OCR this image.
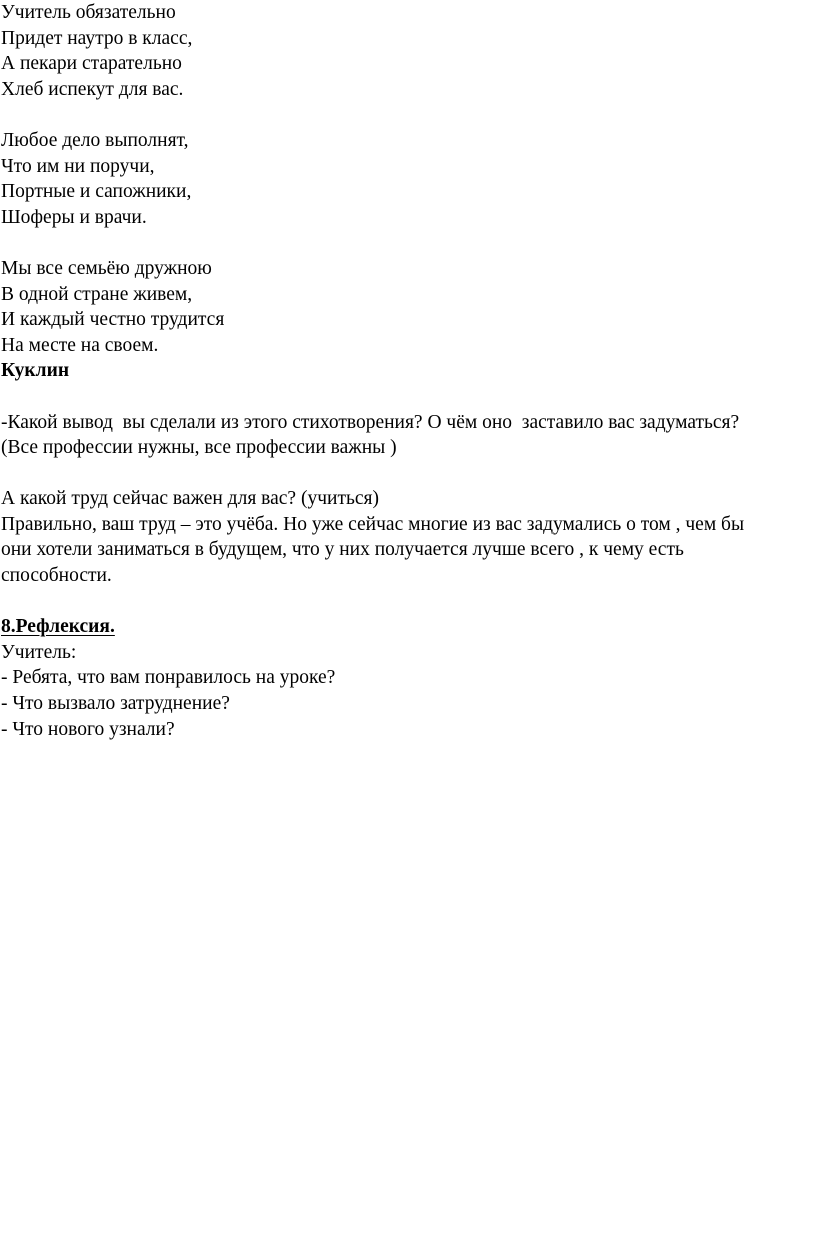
Учитель обязательно
Придет наутро в класс,
А пекари старательно
Хлеб испекут для вас.
Любое дело выполнят,
Что им ни поручи,
Портные и сапожники,
Шоферы и врачи.
Мы все семьёю дружною
В одной стране живем,
И каждый честно трудится
На месте на своем.
Куклин
-Какой вывод  вы сделали из этого стихотворения? О чём оно  заставило вас задуматься?
(Все профессии нужны, все профессии важны )
А какой труд сейчас важен для вас? (учиться)
Правильно, ваш труд – это учёба. Но уже сейчас многие из вас задумались о том , чем бы
они хотели заниматься в будущем, что у них получается лучше всего , к чему есть
способности.
8.Рефлексия.
Учитель:
- Ребята, что вам понравилось на уроке?
- Что вызвало затруднение?
- Что нового узнали?
